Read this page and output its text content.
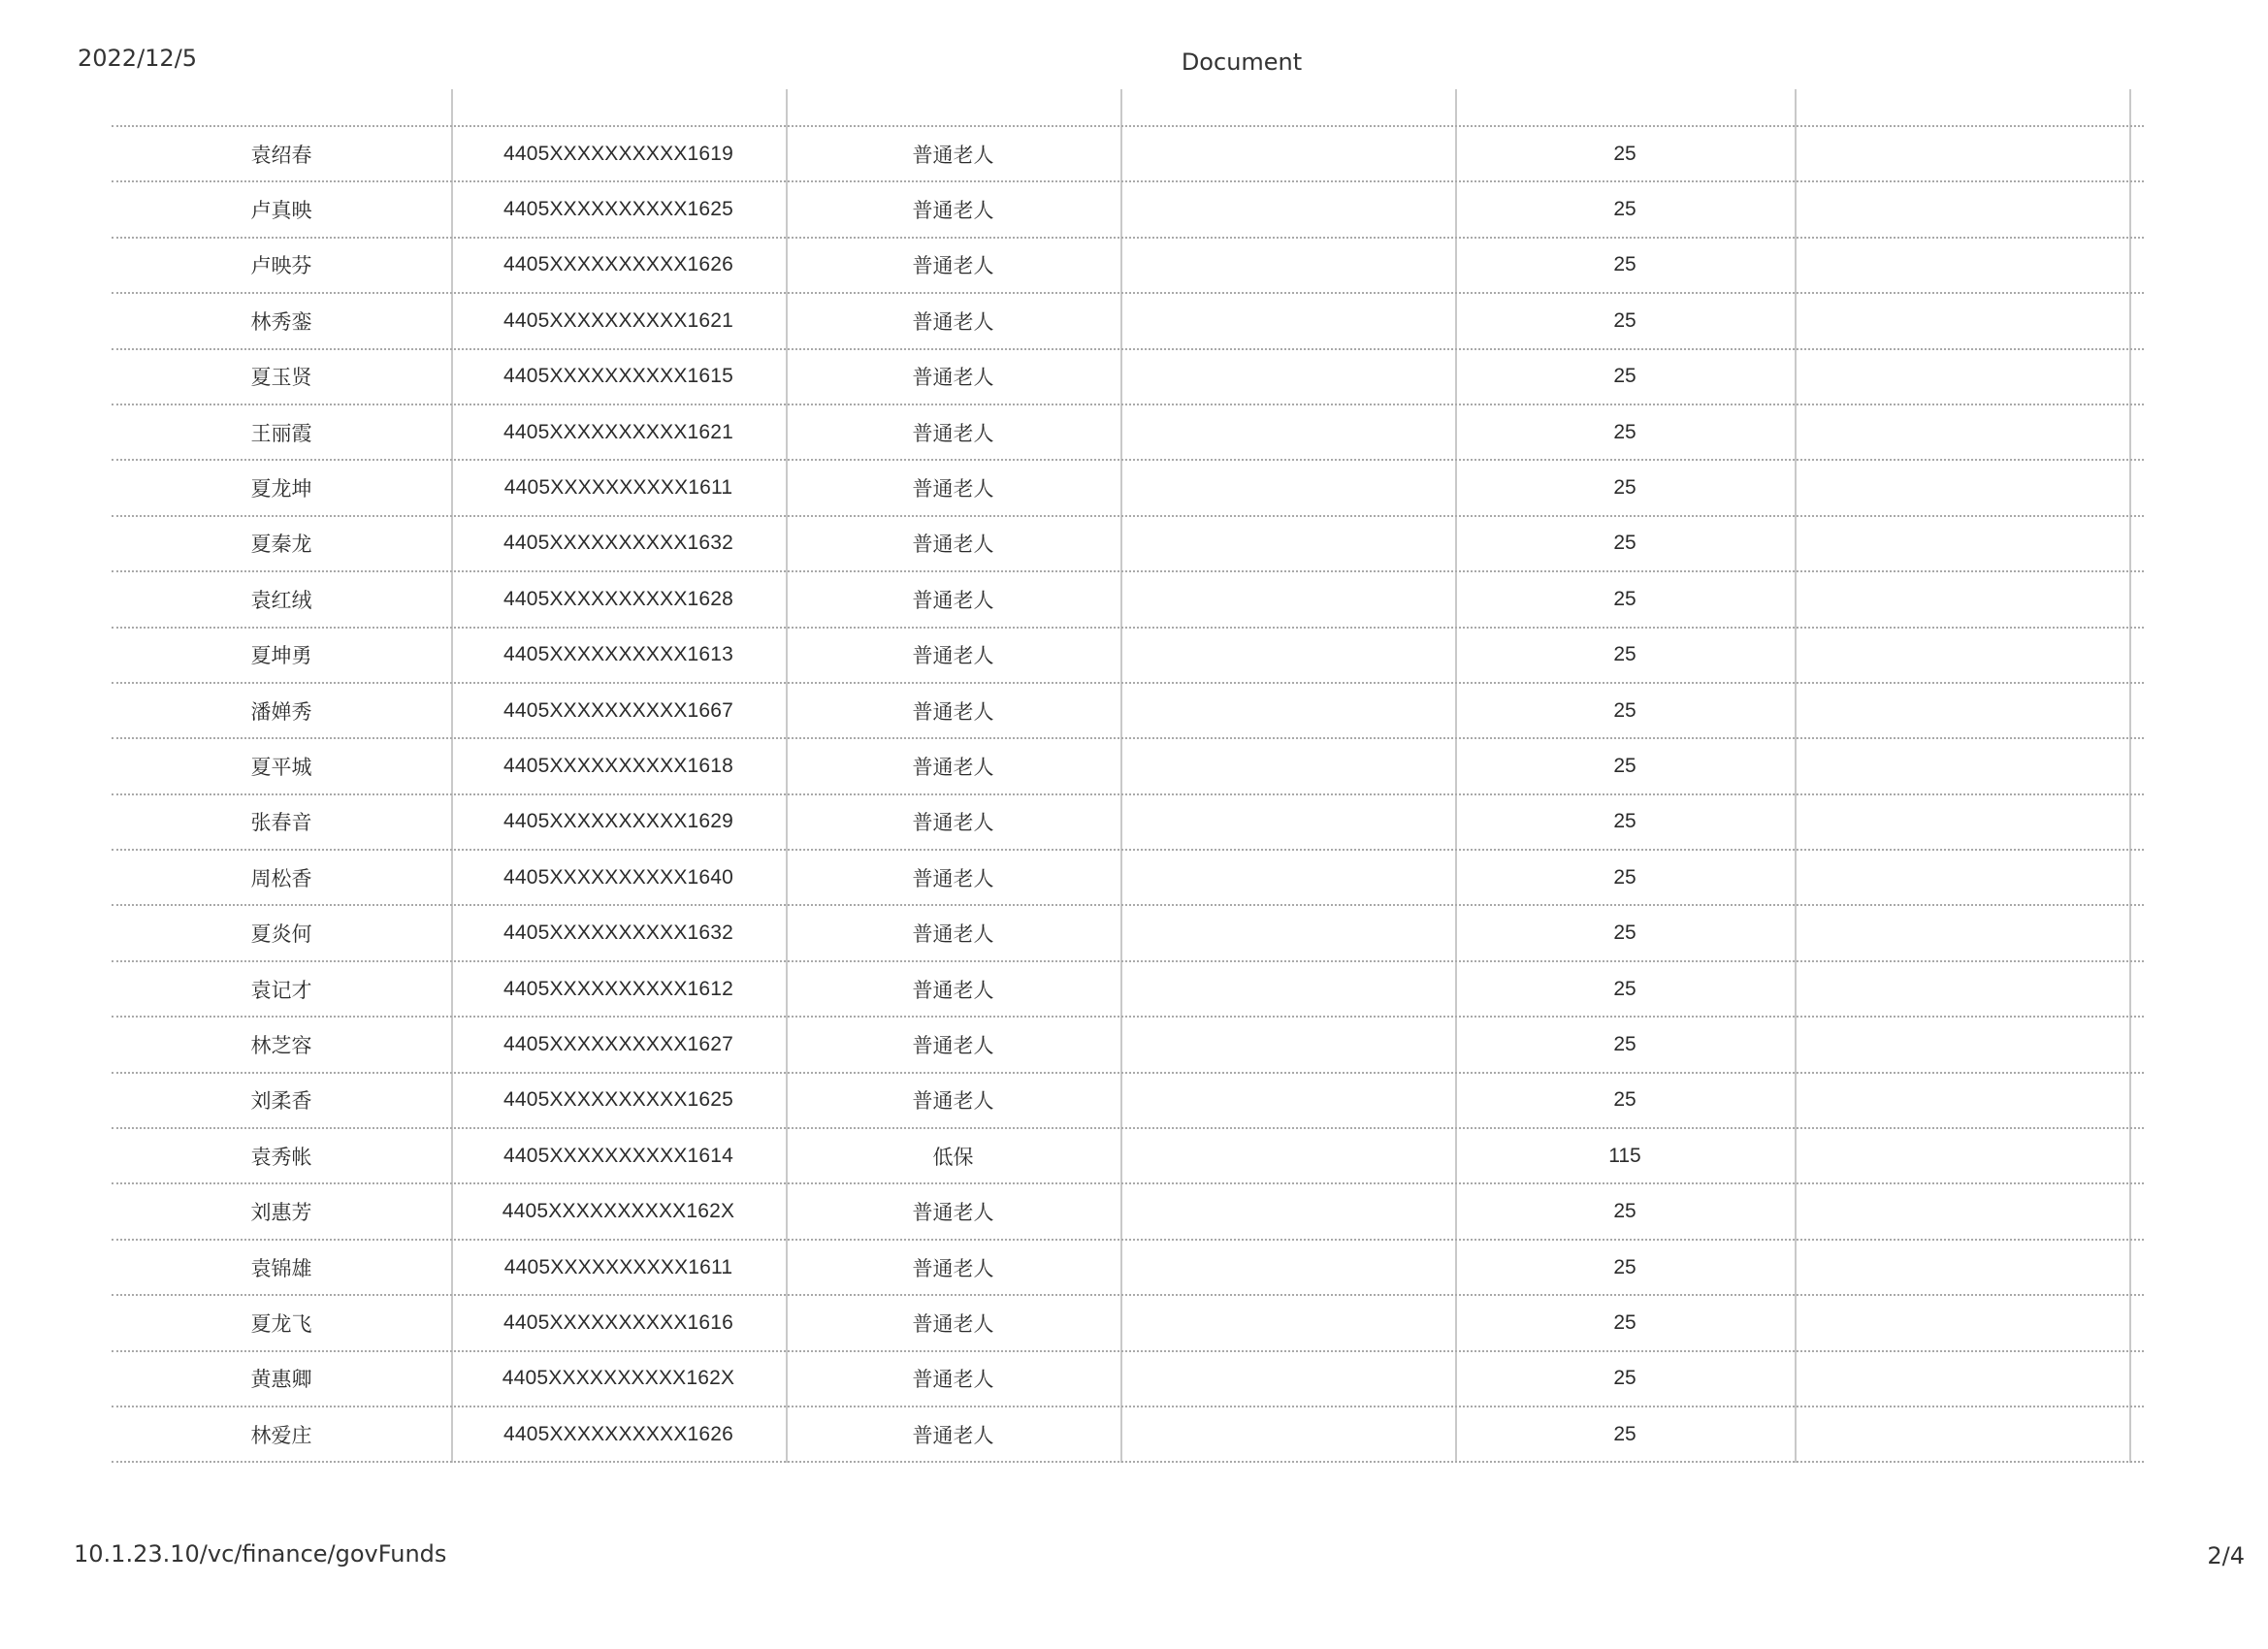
2022/12/5	Document
袁绍春	4405XXXXXXXXXX1619	普通老人	25
卢真映	4405XXXXXXXXXX1625	普通老人	25
卢映芬	4405XXXXXXXXXX1626	普通老人	25
林秀銮	4405XXXXXXXXXX1621	普通老人	25
夏玉贤	4405XXXXXXXXXX1615	普通老人	25
王丽霞	4405XXXXXXXXXX1621	普通老人	25
夏龙坤	4405XXXXXXXXXX1611	普通老人	25
夏秦龙	4405XXXXXXXXXX1632	普通老人	25
袁红绒	4405XXXXXXXXXX1628	普通老人	25
夏坤勇	4405XXXXXXXXXX1613	普通老人	25
潘婵秀	4405XXXXXXXXXX1667	普通老人	25
夏平城	4405XXXXXXXXXX1618	普通老人	25
张春音	4405XXXXXXXXXX1629	普通老人	25
周松香	4405XXXXXXXXXX1640	普通老人	25
夏炎何	4405XXXXXXXXXX1632	普通老人	25
袁记才	4405XXXXXXXXXX1612	普通老人	25
林芝容	4405XXXXXXXXXX1627	普通老人	25
刘柔香	4405XXXXXXXXXX1625	普通老人	25
袁秀帐	4405XXXXXXXXXX1614	低保	115
刘惠芳	4405XXXXXXXXXX162X	普通老人	25
袁锦雄	4405XXXXXXXXXX1611	普通老人	25
夏龙飞	4405XXXXXXXXXX1616	普通老人	25
黄惠卿	4405XXXXXXXXXX162X	普通老人	25
林爱庄	4405XXXXXXXXXX1626	普通老人	25
10.1.23.10/vc/finance/govFunds	2/4
